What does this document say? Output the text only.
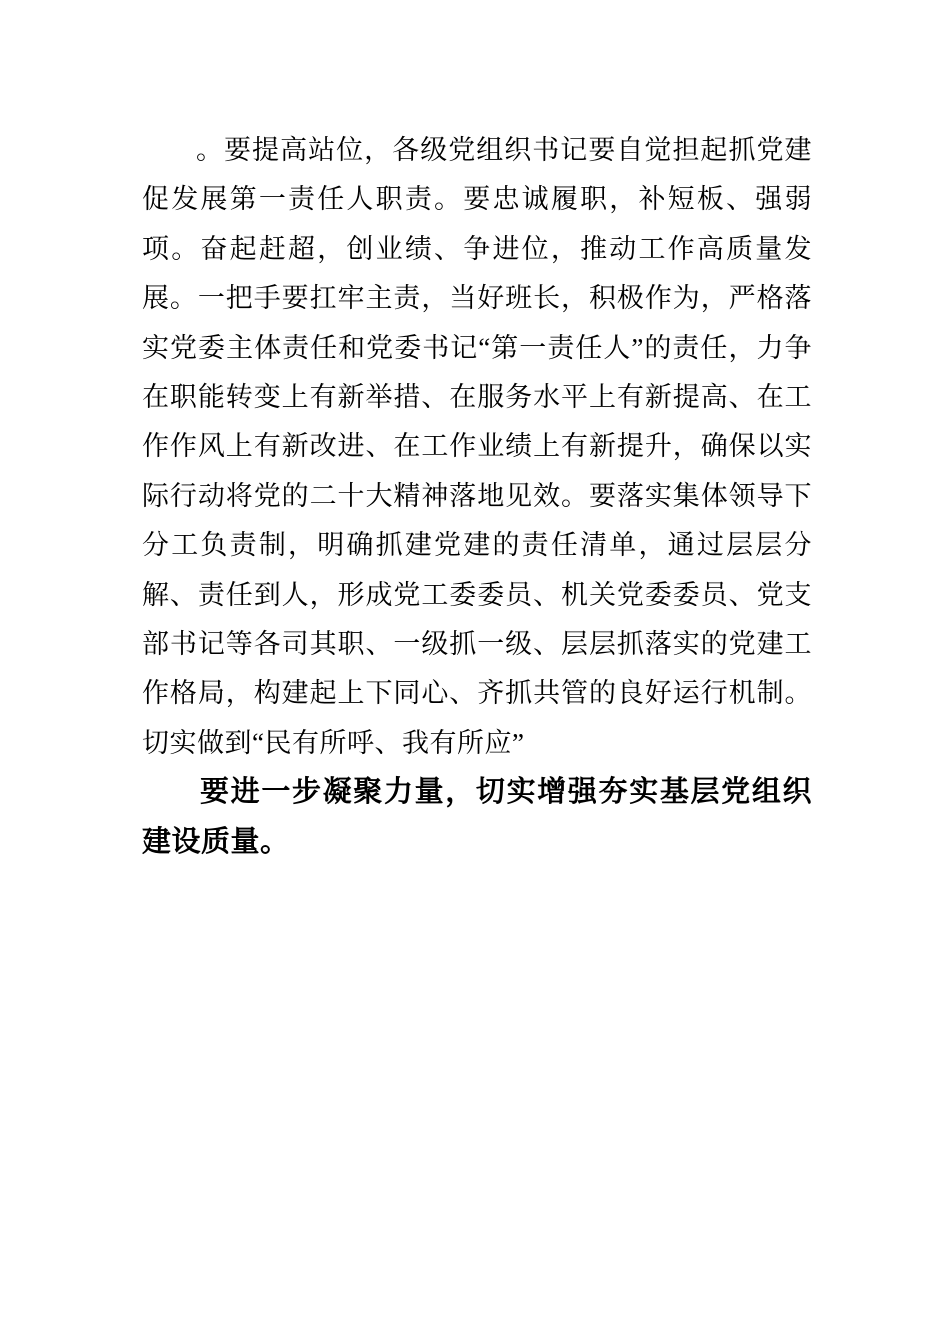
。要提高站位，各级党组织书记要自觉担起抓党建促发展第一责任人职责。要忠诚履职，补短板、强弱项。奋起赶超，创业绩、争进位，推动工作高质量发展。一把手要扛牢主责，当好班长，积极作为，严格落实党委主体责任和党委书记“第一责任人”的责任，力争在职能转变上有新举措、在服务水平上有新提高、在工作作风上有新改进、在工作业绩上有新提升，确保以实际行动将党的二十大精神落地见效。要落实集体领导下分工负责制，明确抓建党建的责任清单，通过层层分解、责任到人，形成党工委委员、机关党委委员、党支部书记等各司其职、一级抓一级、层层抓落实的党建工作格局，构建起上下同心、齐抓共管的良好运行机制。切实做到“民有所呼、我有所应”

要进一步凝聚力量，切实增强夯实基层党组织建设质量。
